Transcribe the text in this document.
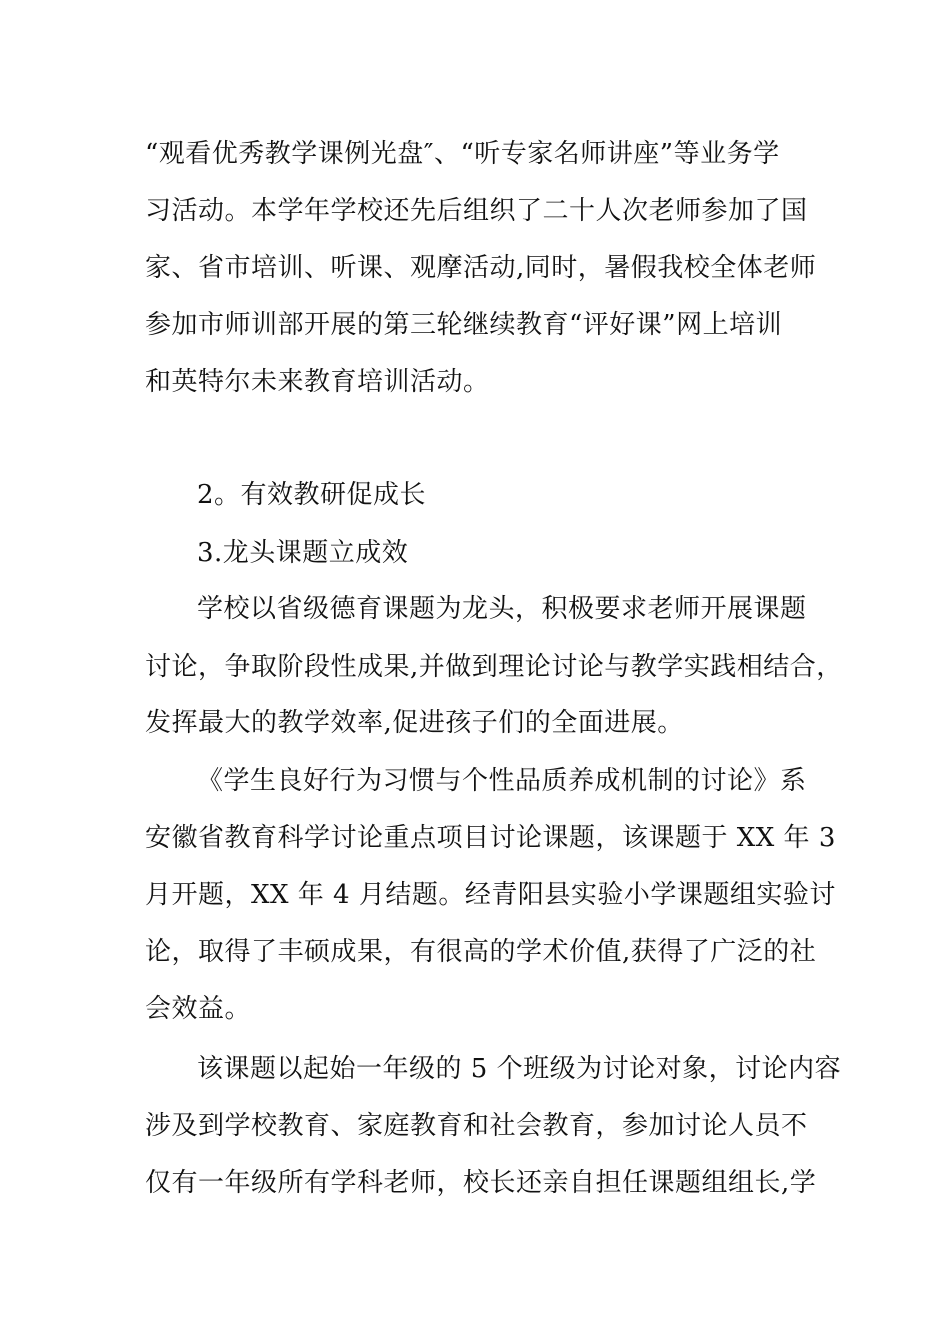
“观看优秀教学课例光盘″、“听专家名师讲座”等业务学
习活动。本学年学校还先后组织了二十人次老师参加了国
家、省市培训、听课、观摩活动,同时，暑假我校全体老师
参加市师训部开展的第三轮继续教育“评好课”网上培训
和英特尔未来教育培训活动。
2。有效教研促成长
3.龙头课题立成效
学校以省级德育课题为龙头，积极要求老师开展课题
讨论，争取阶段性成果,并做到理论讨论与教学实践相结合，
发挥最大的教学效率,促进孩子们的全面进展。
《学生良好行为习惯与个性品质养成机制的讨论》系
安徽省教育科学讨论重点项目讨论课题，该课题于 XX 年 3
月开题，XX 年 4 月结题。经青阳县实验小学课题组实验讨
论，取得了丰硕成果，有很高的学术价值,获得了广泛的社
会效益。
该课题以起始一年级的 5 个班级为讨论对象，讨论内容
涉及到学校教育、家庭教育和社会教育，参加讨论人员不
仅有一年级所有学科老师，校长还亲自担任课题组组长,学
